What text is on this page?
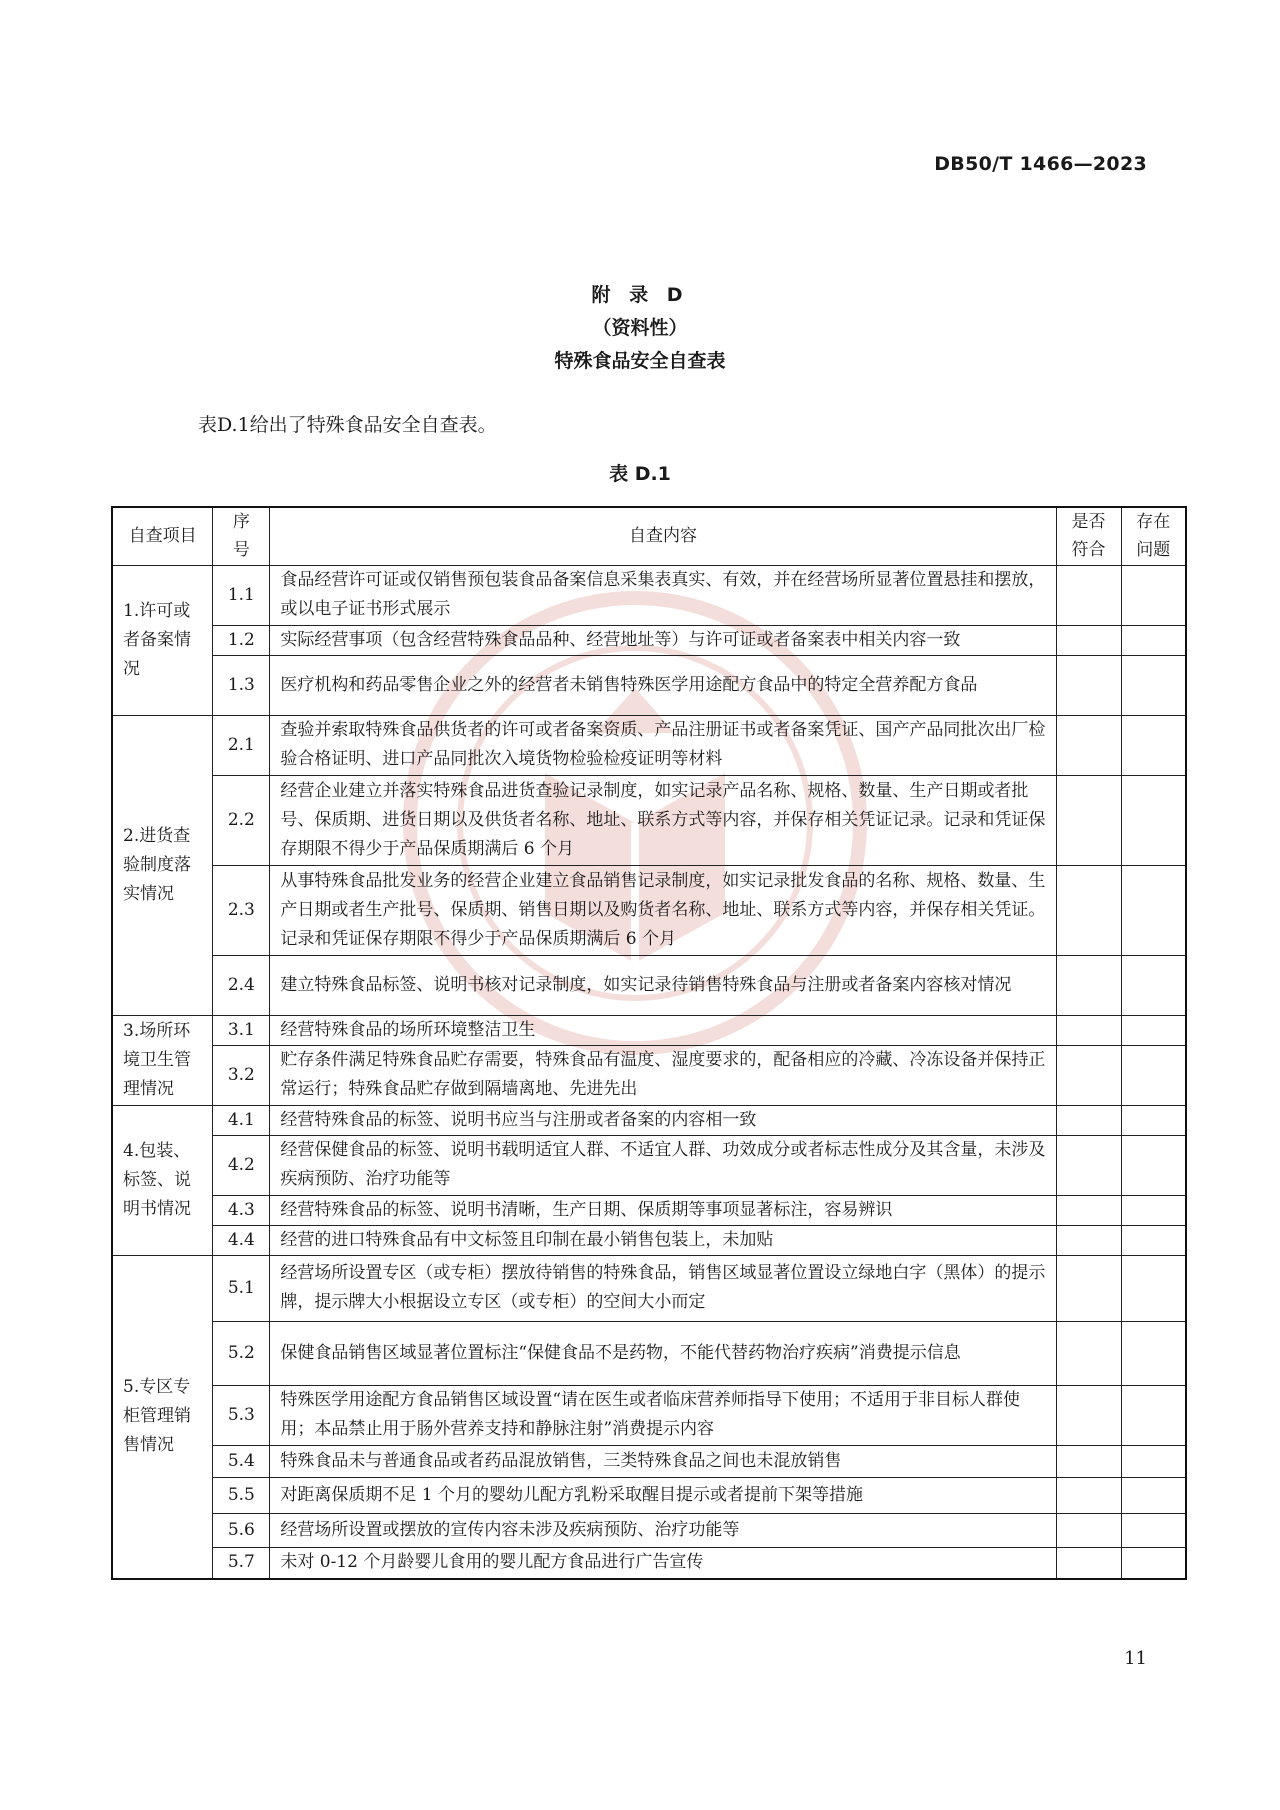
DB50/T 1466—2023
附 录 D
（资料性）
特殊食品安全自查表
表D.1给出了特殊食品安全自查表。
表 D.1
自查项目	序号	自查内容	是否符合	存在问题
1.许可或者备案情况	1.1	食品经营许可证或仅销售预包装食品备案信息采集表真实、有效，并在经营场所显著位置悬挂和摆放，或以电子证书形式展示		
	1.2	实际经营事项（包含经营特殊食品品种、经营地址等）与许可证或者备案表中相关内容一致		
	1.3	医疗机构和药品零售企业之外的经营者未销售特殊医学用途配方食品中的特定全营养配方食品		
2.进货查验制度落实情况	2.1	查验并索取特殊食品供货者的许可或者备案资质、产品注册证书或者备案凭证、国产产品同批次出厂检验合格证明、进口产品同批次入境货物检验检疫证明等材料		
	2.2	经营企业建立并落实特殊食品进货查验记录制度，如实记录产品名称、规格、数量、生产日期或者批号、保质期、进货日期以及供货者名称、地址、联系方式等内容，并保存相关凭证记录。记录和凭证保存期限不得少于产品保质期满后 6 个月		
	2.3	从事特殊食品批发业务的经营企业建立食品销售记录制度，如实记录批发食品的名称、规格、数量、生产日期或者生产批号、保质期、销售日期以及购货者名称、地址、联系方式等内容，并保存相关凭证。记录和凭证保存期限不得少于产品保质期满后 6 个月		
	2.4	建立特殊食品标签、说明书核对记录制度，如实记录待销售特殊食品与注册或者备案内容核对情况		
3.场所环境卫生管理情况	3.1	经营特殊食品的场所环境整洁卫生		
	3.2	贮存条件满足特殊食品贮存需要，特殊食品有温度、湿度要求的，配备相应的冷藏、冷冻设备并保持正常运行；特殊食品贮存做到隔墙离地、先进先出		
4.包装、标签、说明书情况	4.1	经营特殊食品的标签、说明书应当与注册或者备案的内容相一致		
	4.2	经营保健食品的标签、说明书载明适宜人群、不适宜人群、功效成分或者标志性成分及其含量，未涉及疾病预防、治疗功能等		
	4.3	经营特殊食品的标签、说明书清晰，生产日期、保质期等事项显著标注，容易辨识		
	4.4	经营的进口特殊食品有中文标签且印制在最小销售包装上，未加贴		
5.专区专柜管理销售情况	5.1	经营场所设置专区（或专柜）摆放待销售的特殊食品，销售区域显著位置设立绿地白字（黑体）的提示牌，提示牌大小根据设立专区（或专柜）的空间大小而定		
	5.2	保健食品销售区域显著位置标注“保健食品不是药物，不能代替药物治疗疾病”消费提示信息		
	5.3	特殊医学用途配方食品销售区域设置“请在医生或者临床营养师指导下使用；不适用于非目标人群使用；本品禁止用于肠外营养支持和静脉注射”消费提示内容		
	5.4	特殊食品未与普通食品或者药品混放销售，三类特殊食品之间也未混放销售		
	5.5	对距离保质期不足 1 个月的婴幼儿配方乳粉采取醒目提示或者提前下架等措施		
	5.6	经营场所设置或摆放的宣传内容未涉及疾病预防、治疗功能等		
	5.7	未对 0-12 个月龄婴儿食用的婴儿配方食品进行广告宣传		
11
